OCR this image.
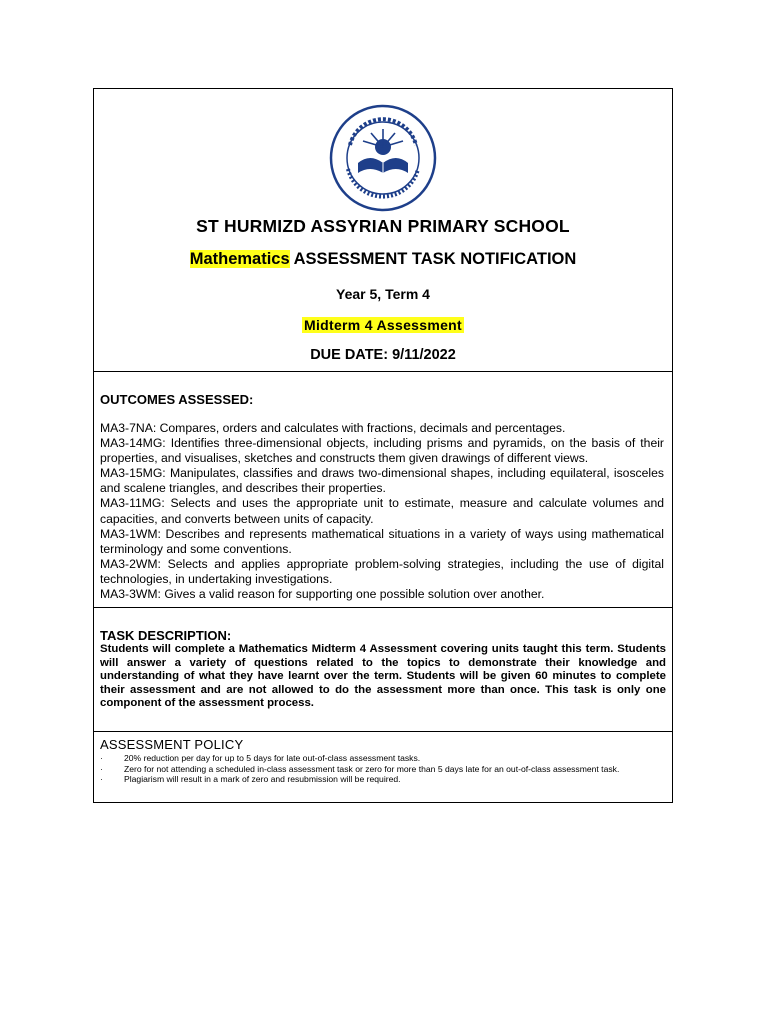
ST HURMIZD ASSYRIAN PRIMARY SCHOOL
Mathematics ASSESSMENT TASK NOTIFICATION
Year 5, Term 4
Midterm 4 Assessment
DUE DATE: 9/11/2022
OUTCOMES ASSESSED:
MA3-7NA: Compares, orders and calculates with fractions, decimals and percentages.
MA3-14MG: Identifies three-dimensional objects, including prisms and pyramids, on the basis of their properties, and visualises, sketches and constructs them given drawings of different views.
MA3-15MG: Manipulates, classifies and draws two-dimensional shapes, including equilateral, isosceles and scalene triangles, and describes their properties.
MA3-11MG: Selects and uses the appropriate unit to estimate, measure and calculate volumes and capacities, and converts between units of capacity.
MA3-1WM: Describes and represents mathematical situations in a variety of ways using mathematical terminology and some conventions.
MA3-2WM: Selects and applies appropriate problem-solving strategies, including the use of digital technologies, in undertaking investigations.
MA3-3WM: Gives a valid reason for supporting one possible solution over another.
TASK DESCRIPTION:
Students will complete a Mathematics Midterm 4 Assessment covering units taught this term. Students will answer a variety of questions related to the topics to demonstrate their knowledge and understanding of what they have learnt over the term. Students will be given 60 minutes to complete their assessment and are not allowed to do the assessment more than once. This task is only one component of the assessment process.
ASSESSMENT POLICY
· 20% reduction per day for up to 5 days for late out-of-class assessment tasks.
· Zero for not attending a scheduled in-class assessment task or zero for more than 5 days late for an out-of-class assessment task.
· Plagiarism will result in a mark of zero and resubmission will be required.
